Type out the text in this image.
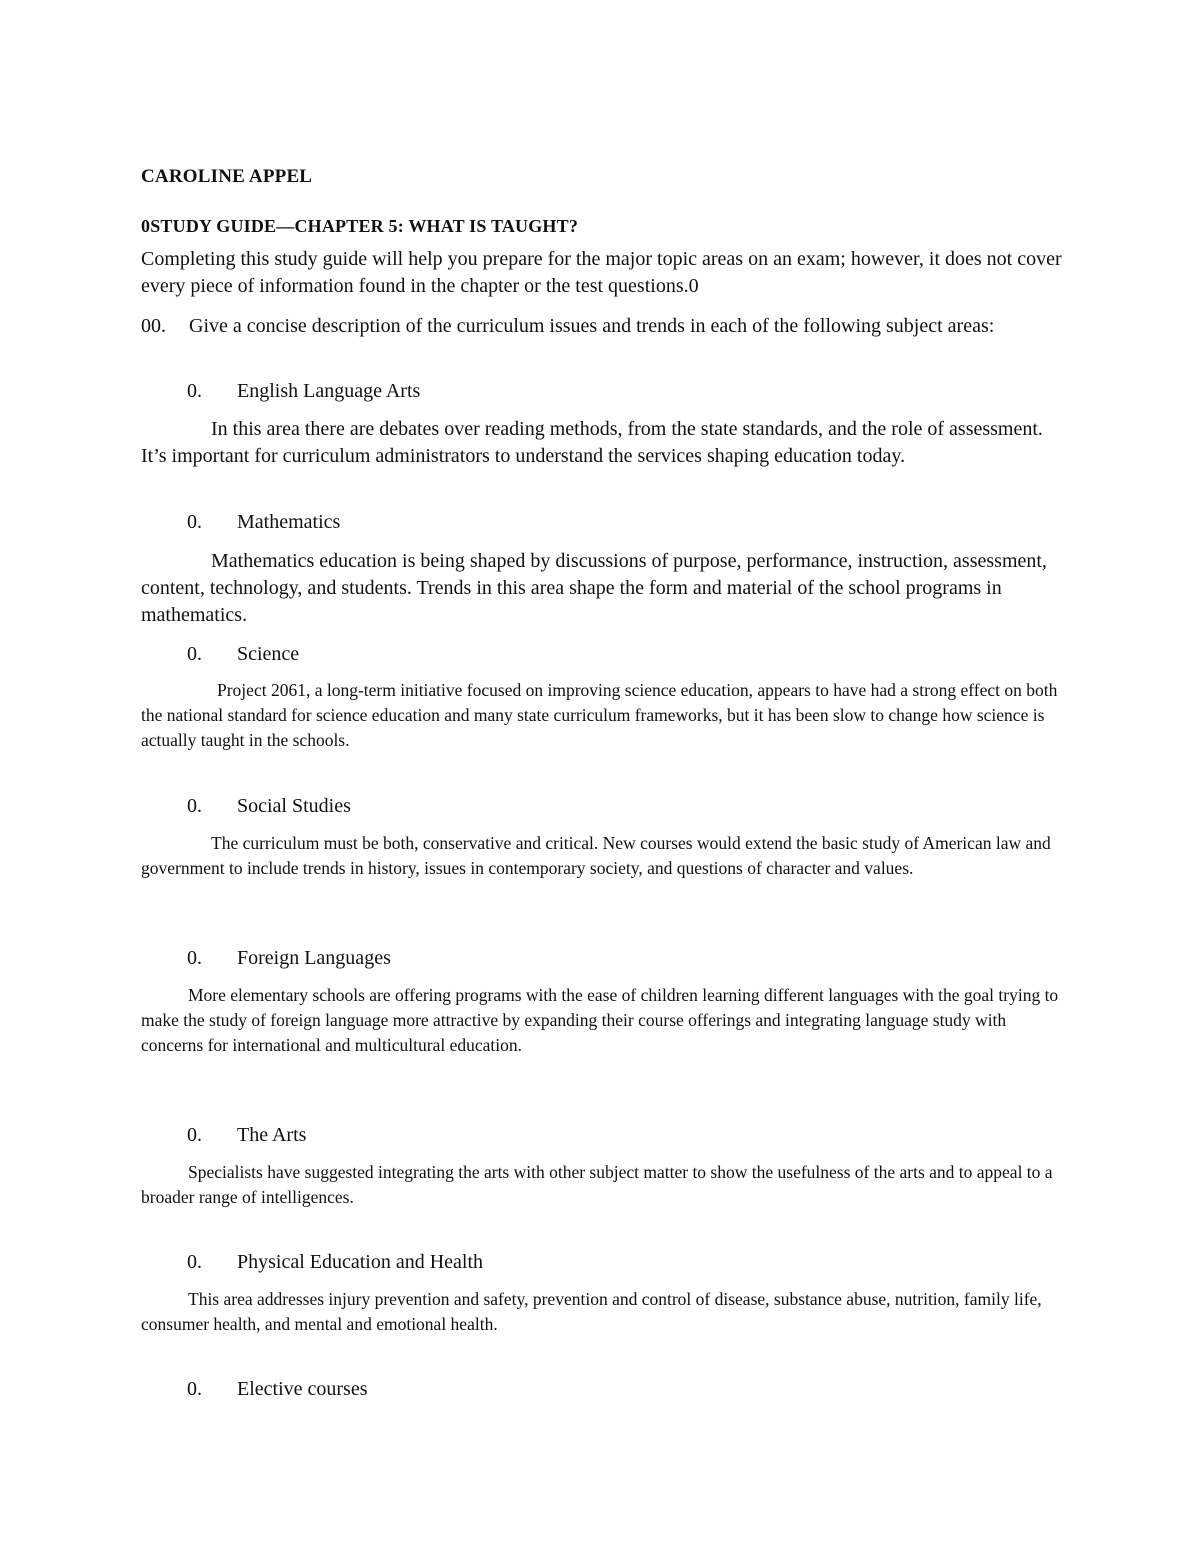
CAROLINE APPEL
0STUDY GUIDE—CHAPTER 5: WHAT IS TAUGHT?
Completing this study guide will help you prepare for the major topic areas on an exam; however, it does not cover every piece of information found in the chapter or the test questions.0
00. Give a concise description of the curriculum issues and trends in each of the following subject areas:
0. English Language Arts
In this area there are debates over reading methods, from the state standards, and the role of assessment. It’s important for curriculum administrators to understand the services shaping education today.
0. Mathematics
Mathematics education is being shaped by discussions of purpose, performance, instruction, assessment, content, technology, and students. Trends in this area shape the form and material of the school programs in mathematics.
0. Science
Project 2061, a long-term initiative focused on improving science education, appears to have had a strong effect on both the national standard for science education and many state curriculum frameworks, but it has been slow to change how science is actually taught in the schools.
0. Social Studies
The curriculum must be both, conservative and critical. New courses would extend the basic study of American law and government to include trends in history, issues in contemporary society, and questions of character and values.
0. Foreign Languages
More elementary schools are offering programs with the ease of children learning different languages with the goal trying to make the study of foreign language more attractive by expanding their course offerings and integrating language study with concerns for international and multicultural education.
0. The Arts
Specialists have suggested integrating the arts with other subject matter to show the usefulness of the arts and to appeal to a broader range of intelligences.
0. Physical Education and Health
This area addresses injury prevention and safety, prevention and control of disease, substance abuse, nutrition, family life, consumer health, and mental and emotional health.
0. Elective courses
